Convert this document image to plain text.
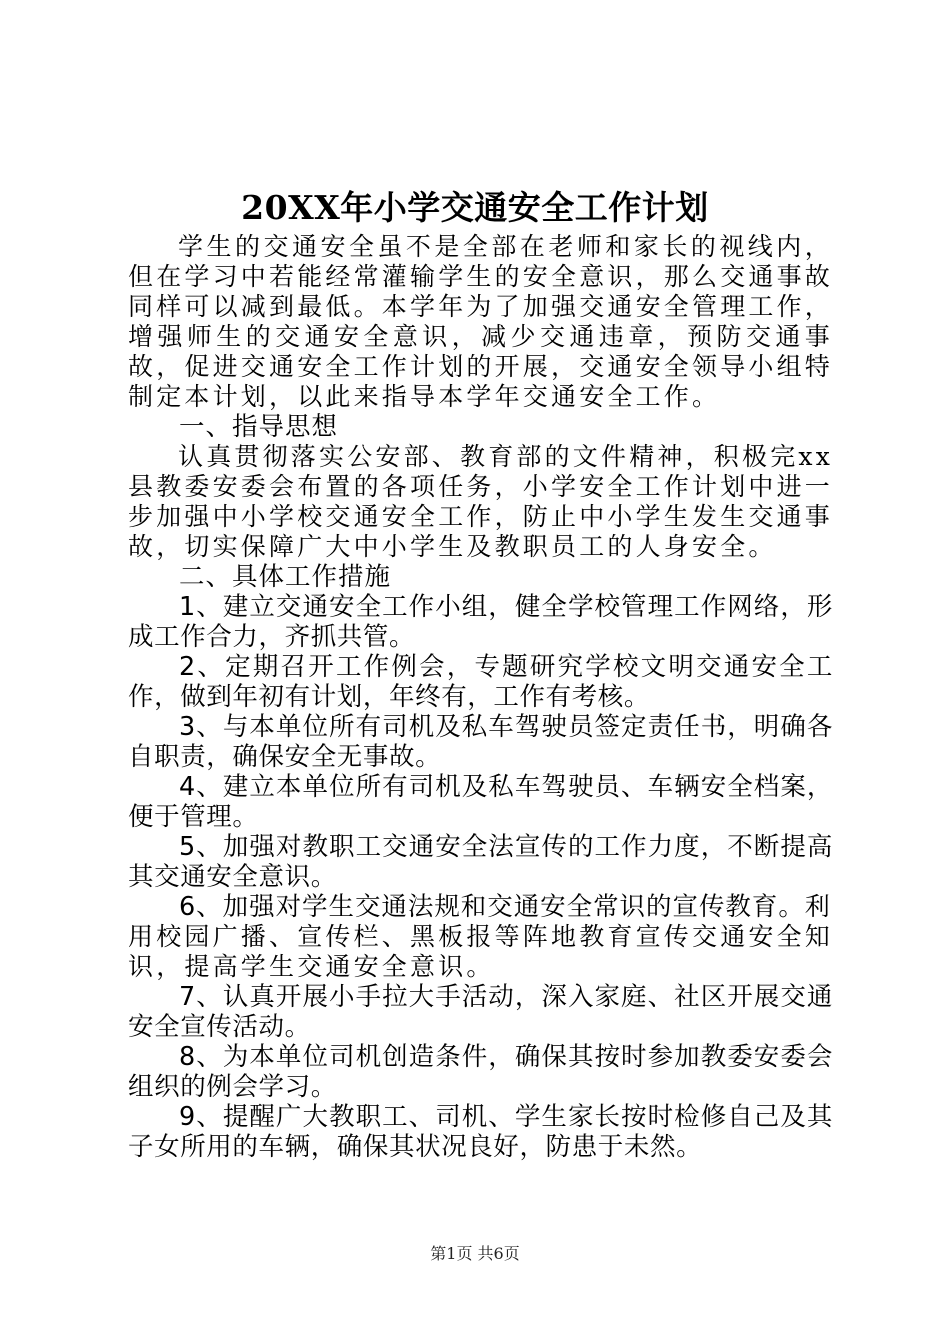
20XX年小学交通安全工作计划

学生的交通安全虽不是全部在老师和家长的视线内，但在学习中若能经常灌输学生的安全意识，那么交通事故同样可以减到最低。本学年为了加强交通安全管理工作，增强师生的交通安全意识，减少交通违章，预防交通事故，促进交通安全工作计划的开展，交通安全领导小组特制定本计划，以此来指导本学年交通安全工作。

一、指导思想

认真贯彻落实公安部、教育部的文件精神，积极完xx县教委安委会布置的各项任务，小学安全工作计划中进一步加强中小学校交通安全工作，防止中小学生发生交通事故，切实保障广大中小学生及教职员工的人身安全。

二、具体工作措施

1、建立交通安全工作小组，健全学校管理工作网络，形成工作合力，齐抓共管。

2、定期召开工作例会，专题研究学校文明交通安全工作，做到年初有计划，年终有，工作有考核。

3、与本单位所有司机及私车驾驶员签定责任书，明确各自职责，确保安全无事故。

4、建立本单位所有司机及私车驾驶员、车辆安全档案，便于管理。

5、加强对教职工交通安全法宣传的工作力度，不断提高其交通安全意识。

6、加强对学生交通法规和交通安全常识的宣传教育。利用校园广播、宣传栏、黑板报等阵地教育宣传交通安全知识，提高学生交通安全意识。

7、认真开展小手拉大手活动，深入家庭、社区开展交通安全宣传活动。

8、为本单位司机创造条件，确保其按时参加教委安委会组织的例会学习。

9、提醒广大教职工、司机、学生家长按时检修自己及其子女所用的车辆，确保其状况良好，防患于未然。

第1页 共6页
